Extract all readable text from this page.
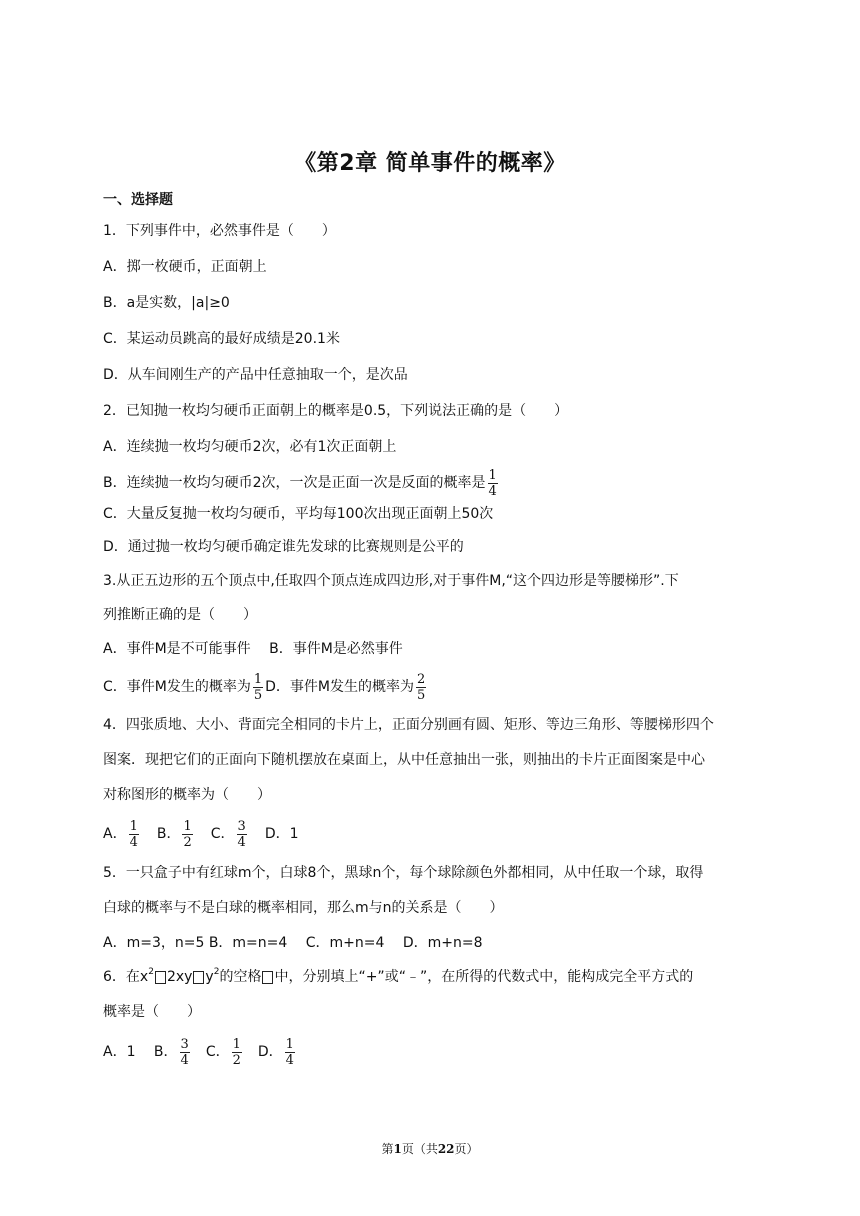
《第2章 简单事件的概率》
一、选择题
1．下列事件中，必然事件是（　　）
A．掷一枚硬币，正面朝上
B．a是实数，|a|≥0
C．某运动员跳高的最好成绩是20.1米
D．从车间刚生产的产品中任意抽取一个，是次品
2．已知抛一枚均匀硬币正面朝上的概率是0.5，下列说法正确的是（　　）
A．连续抛一枚均匀硬币2次，必有1次正面朝上
B．连续抛一枚均匀硬币2次，一次是正面一次是反面的概率是 $\frac{1}{4}$
C．大量反复抛一枚均匀硬币，平均每100次出现正面朝上50次
D．通过抛一枚均匀硬币确定谁先发球的比赛规则是公平的
3.从正五边形的五个顶点中,任取四个顶点连成四边形,对于事件M,“这个四边形是等腰梯形”.下
列推断正确的是（　　）
A．事件M是不可能事件　 B．事件M是必然事件
C．事件M发生的概率为 $\frac{1}{5}$ D．事件M发生的概率为 $\frac{2}{5}$
4．四张质地、大小、背面完全相同的卡片上，正面分别画有圆、矩形、等边三角形、等腰梯形四个
图案．现把它们的正面向下随机摆放在桌面上，从中任意抽出一张，则抽出的卡片正面图案是中心
对称图形的概率为（　　）
A． $\frac{1}{4}$ B． $\frac{1}{2}$ C． $\frac{3}{4}$ D．1
5．一只盒子中有红球m个，白球8个，黑球n个，每个球除颜色外都相同，从中任取一个球，取得
白球的概率与不是白球的概率相同，那么m与n的关系是（　　）
A．m=3，n=5 B．m=n=4　 C．m+n=4　 D．m+n=8
6．在$x^2$ 2xy $y^2$ 的空格 中，分别填上“+”或“﹣”，在所得的代数式中，能构成完全平方式的
概率是（　　）
A．1　 B． $\frac{3}{4}$ C． $\frac{1}{2}$ D． $\frac{1}{4}$
第1页（共22页）
